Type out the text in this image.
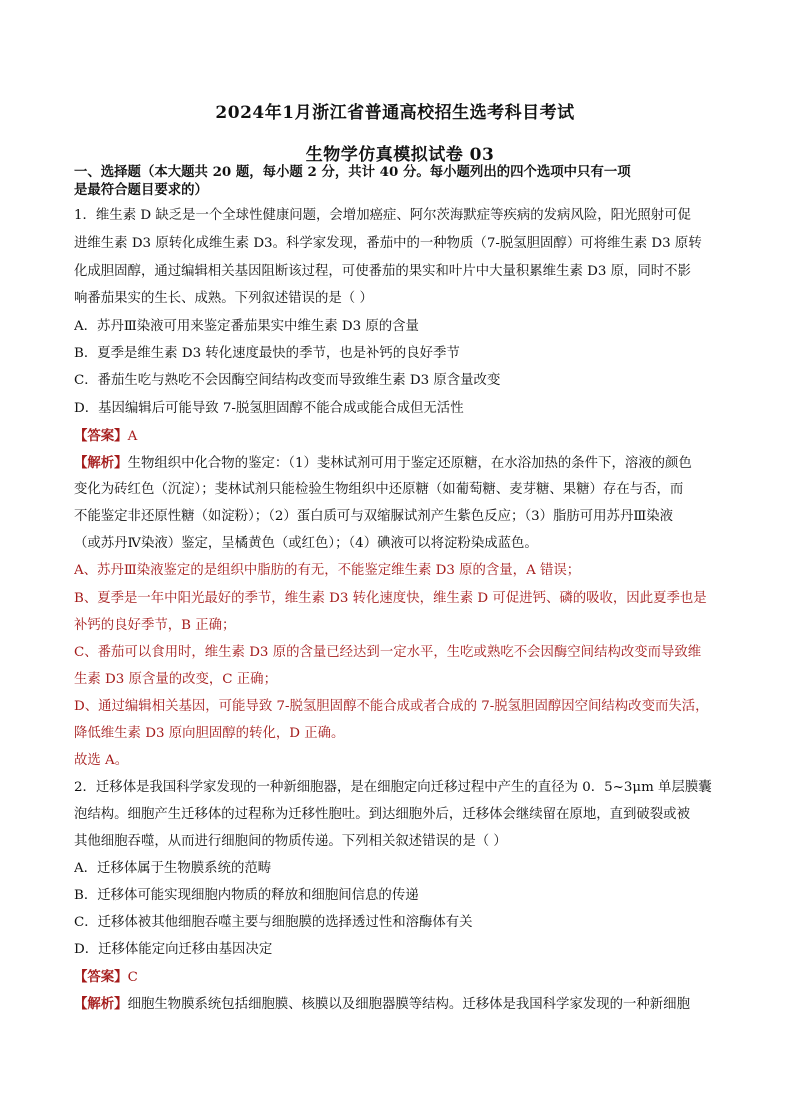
2024年1月浙江省普通高校招生选考科目考试
生物学仿真模拟试卷 03
一、选择题（本大题共 20 题，每小题 2 分，共计 40 分。每小题列出的四个选项中只有一项
是最符合题目要求的）
1．维生素 D 缺乏是一个全球性健康问题，会增加癌症、阿尔茨海默症等疾病的发病风险，阳光照射可促
进维生素 D3 原转化成维生素 D3。科学家发现，番茄中的一种物质（7-脱氢胆固醇）可将维生素 D3 原转
化成胆固醇，通过编辑相关基因阻断该过程，可使番茄的果实和叶片中大量积累维生素 D3 原，同时不影
响番茄果实的生长、成熟。下列叙述错误的是（ ）
A．苏丹Ⅲ染液可用来鉴定番茄果实中维生素 D3 原的含量
B．夏季是维生素 D3 转化速度最快的季节，也是补钙的良好季节
C．番茄生吃与熟吃不会因酶空间结构改变而导致维生素 D3 原含量改变
D．基因编辑后可能导致 7-脱氢胆固醇不能合成或能合成但无活性
【答案】A
【解析】生物组织中化合物的鉴定：（1）斐林试剂可用于鉴定还原糖，在水浴加热的条件下，溶液的颜色
变化为砖红色（沉淀）；斐林试剂只能检验生物组织中还原糖（如葡萄糖、麦芽糖、果糖）存在与否，而
不能鉴定非还原性糖（如淀粉）；（2）蛋白质可与双缩脲试剂产生紫色反应；（3）脂肪可用苏丹Ⅲ染液
（或苏丹Ⅳ染液）鉴定，呈橘黄色（或红色）；（4）碘液可以将淀粉染成蓝色。
A、苏丹Ⅲ染液鉴定的是组织中脂肪的有无，不能鉴定维生素 D3 原的含量，A 错误；
B、夏季是一年中阳光最好的季节，维生素 D3 转化速度快，维生素 D 可促进钙、磷的吸收，因此夏季也是
补钙的良好季节，B 正确；
C、番茄可以食用时，维生素 D3 原的含量已经达到一定水平，生吃或熟吃不会因酶空间结构改变而导致维
生素 D3 原含量的改变，C 正确；
D、通过编辑相关基因，可能导致 7-脱氢胆固醇不能合成或者合成的 7-脱氢胆固醇因空间结构改变而失活，
降低维生素 D3 原向胆固醇的转化，D 正确。
故选 A。
2．迁移体是我国科学家发现的一种新细胞器，是在细胞定向迁移过程中产生的直径为 0．5~3μm 单层膜囊
泡结构。细胞产生迁移体的过程称为迁移性胞吐。到达细胞外后，迁移体会继续留在原地，直到破裂或被
其他细胞吞噬，从而进行细胞间的物质传递。下列相关叙述错误的是（ ）
A．迁移体属于生物膜系统的范畴
B．迁移体可能实现细胞内物质的释放和细胞间信息的传递
C．迁移体被其他细胞吞噬主要与细胞膜的选择透过性和溶酶体有关
D．迁移体能定向迁移由基因决定
【答案】C
【解析】细胞生物膜系统包括细胞膜、核膜以及细胞器膜等结构。迁移体是我国科学家发现的一种新细胞
